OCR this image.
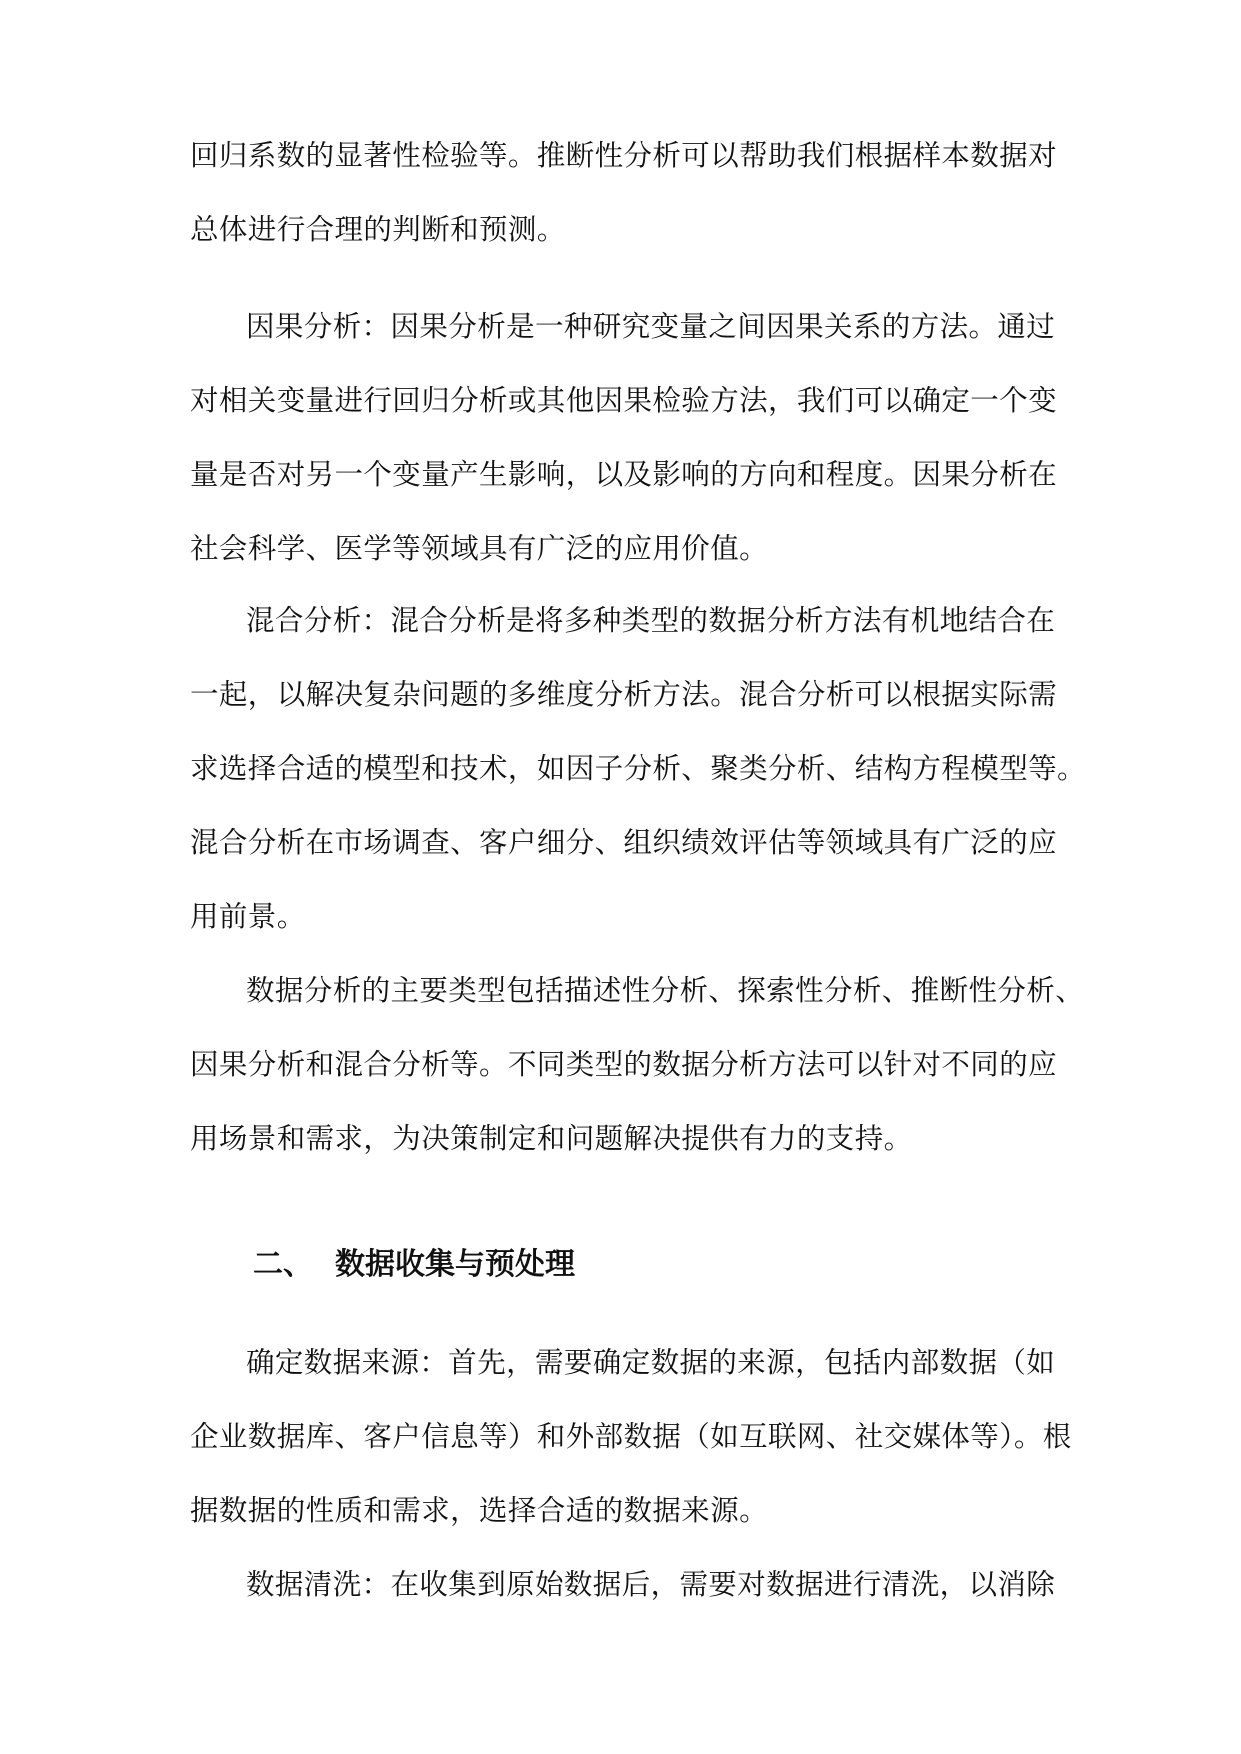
回归系数的显著性检验等。推断性分析可以帮助我们根据样本数据对
总体进行合理的判断和预测。
因果分析：因果分析是一种研究变量之间因果关系的方法。通过
对相关变量进行回归分析或其他因果检验方法，我们可以确定一个变
量是否对另一个变量产生影响，以及影响的方向和程度。因果分析在
社会科学、医学等领域具有广泛的应用价值。
混合分析：混合分析是将多种类型的数据分析方法有机地结合在
一起，以解决复杂问题的多维度分析方法。混合分析可以根据实际需
求选择合适的模型和技术，如因子分析、聚类分析、结构方程模型等。
混合分析在市场调查、客户细分、组织绩效评估等领域具有广泛的应
用前景。
数据分析的主要类型包括描述性分析、探索性分析、推断性分析、
因果分析和混合分析等。不同类型的数据分析方法可以针对不同的应
用场景和需求，为决策制定和问题解决提供有力的支持。
二、 数据收集与预处理
确定数据来源：首先，需要确定数据的来源，包括内部数据（如
企业数据库、客户信息等）和外部数据（如互联网、社交媒体等）。根
据数据的性质和需求，选择合适的数据来源。
数据清洗：在收集到原始数据后，需要对数据进行清洗，以消除
